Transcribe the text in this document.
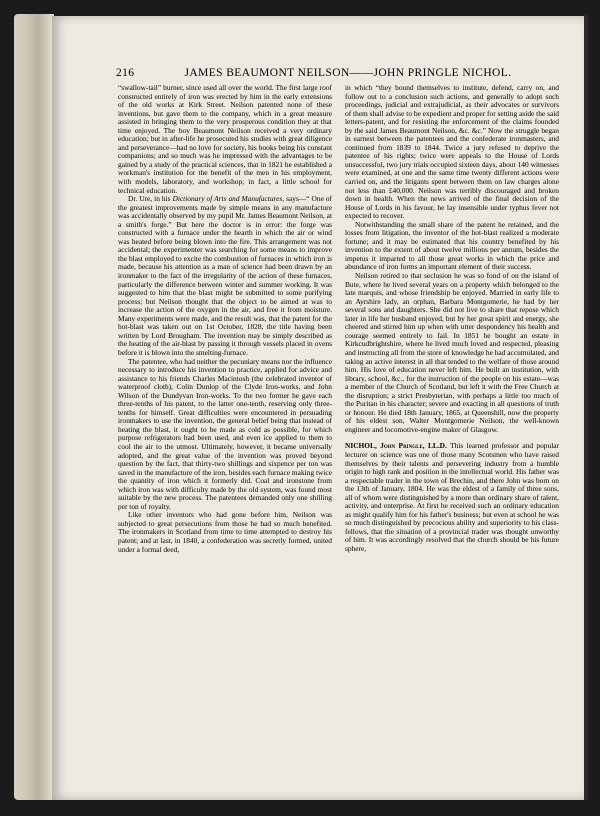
216	JAMES BEAUMONT NEILSON——JOHN PRINGLE NICHOL.

“swallow-tail” burner, since used all over the world. The first large roof constructed entirely of iron was erected by him in the early extensions of the old works at Kirk Street. Neilson patented none of these inventions, but gave them to the company, which in a great measure assisted in bringing them to the very prosperous condition they at that time enjoyed. The boy Beaumont Neilson received a very ordinary education; but in after-life he prosecuted his studies with great diligence and perseverance—had no love for society, his books being his constant companions; and so much was he impressed with the advantages to be gained by a study of the practical sciences, that in 1821 he established a workman's institution for the benefit of the men in his employment, with models, laboratory, and workshop; in fact, a little school for technical education.

Dr. Ure, in his Dictionary of Arts and Manufactures, says—“ One of the greatest improvements made by simple means in any manufacture was accidentally observed by my pupil Mr. James Beaumont Neilson, at a smith's forge.” But here the doctor is in error: the forge was constructed with a furnace under the hearth in which the air or wind was heated before being blown into the fire. This arrangement was not accidental; the experimenter was searching for some means to improve the blast employed to excite the combustion of furnaces in which iron is made, because his attention as a man of science had been drawn by an ironmaker to the fact of the irregularity of the action of these furnaces, particularly the difference between winter and summer working. It was suggested to him that the blast might be submitted to some purifying process; but Neilson thought that the object to be aimed at was to increase the action of the oxygen in the air, and free it from moisture. Many experiments were made, and the result was, that the patent for the hot-blast was taken out on 1st October, 1828, the title having been written by Lord Brougham. The invention may be simply described as the heating of the air-blast by passing it through vessels placed in ovens before it is blown into the smelting-furnace.

The patentee, who had neither the pecuniary means nor the influence necessary to introduce his invention to practice, applied for advice and assistance to his friends Charles Macintosh (the celebrated inventor of waterproof cloth), Colin Dunlop of the Clyde Iron-works, and John Wilson of the Dundyvan Iron-works. To the two former he gave each three-tenths of his patent, to the latter one-tenth, reserving only three-tenths for himself. Great difficulties were encountered in persuading ironmakers to use the invention, the general belief being that instead of heating the blast, it ought to be made as cold as possible, for which purpose refrigerators had been used, and even ice applied to them to cool the air to the utmost. Ultimately, however, it became universally adopted, and the great value of the invention was proved beyond question by the fact, that thirty-two shillings and sixpence per ton was saved in the manufacture of the iron, besides each furnace making twice the quantity of iron which it formerly did. Coal and ironstone from which iron was with difficulty made by the old system, was found most suitable by the new process. The patentees demanded only one shilling per ton of royalty.

Like other inventors who had gone before him, Neilson was subjected to great persecutions from those he had so much benefited. The ironmakers in Scotland from time to time attempted to destroy his patent; and at last, in 1840, a confederation was secretly formed, united under a formal deed,

in which “they bound themselves to institute, defend, carry on, and follow out to a conclusion such actions, and generally to adopt such proceedings, judicial and extrajudicial, as their advocates or survivors of them shall advise to be expedient and proper for setting aside the said letters-patent, and for resisting the enforcement of the claims founded by the said James Beaumont Neilson, &c. &c.” Now the struggle began in earnest between the patentees and the confederate ironmasters, and continued from 1839 to 1844. Twice a jury refused to deprive the patentee of his rights; twice were appeals to the House of Lords unsuccessful, two jury trials occupied sixteen days, about 140 witnesses were examined, at one and the same time twenty different actions were carried on, and the litigants spent between them on law charges alone not less than £40,000. Neilson was terribly discouraged and broken down in health. When the news arrived of the final decision of the House of Lords in his favour, he lay insensible under typhus fever not expected to recover.

Notwithstanding the small share of the patent he retained, and the losses from litigation, the inventor of the hot-blast realized a moderate fortune; and it may be estimated that his country benefited by his invention to the extent of about twelve millions per annum, besides the impetus it imparted to all those great works in which the price and abundance of iron forms an important element of their success.

Neilson retired to that seclusion he was so fond of on the island of Bute, where he lived several years on a property which belonged to the late marquis, and whose friendship he enjoyed. Married in early life to an Ayrshire lady, an orphan, Barbara Montgomerie, he had by her several sons and daughters. She did not live to share that repose which later in life her husband enjoyed, but by her great spirit and energy, she cheered and stirred him up when with utter despondency his health and courage seemed entirely to fail. In 1851 he bought an estate in Kirkcudbrightshire, where he lived much loved and respected, pleasing and instructing all from the store of knowledge he had accumulated, and taking an active interest in all that tended to the welfare of those around him. His love of education never left him. He built an institution, with library, school, &c., for the instruction of the people on his estate—was a member of the Church of Scotland, but left it with the Free Church at the disruption; a strict Presbyterian, with perhaps a little too much of the Puritan in his character; severe and exacting in all questions of truth or honour. He died 18th January, 1865, at Queenshill, now the property of his eldest son, Walter Montgomerie Neilson, the well-known engineer and locomotive-engine maker of Glasgow.

NICHOL, John Pringle, LL.D. This learned professor and popular lecturer on science was one of those many Scotsmen who have raised themselves by their talents and persevering industry from a humble origin to high rank and position in the intellectual world. His father was a respectable trader in the town of Brechin, and there John was born on the 13th of January, 1804. He was the eldest of a family of three sons, all of whom were distinguished by a more than ordinary share of talent, activity, and enterprise. At first he received such an ordinary education as might qualify him for his father's business; but even at school he was so much distinguished by precocious ability and superiority to his class-fellows, that the situation of a provincial trader was thought unworthy of him. It was accordingly resolved that the church should be his future sphere,
